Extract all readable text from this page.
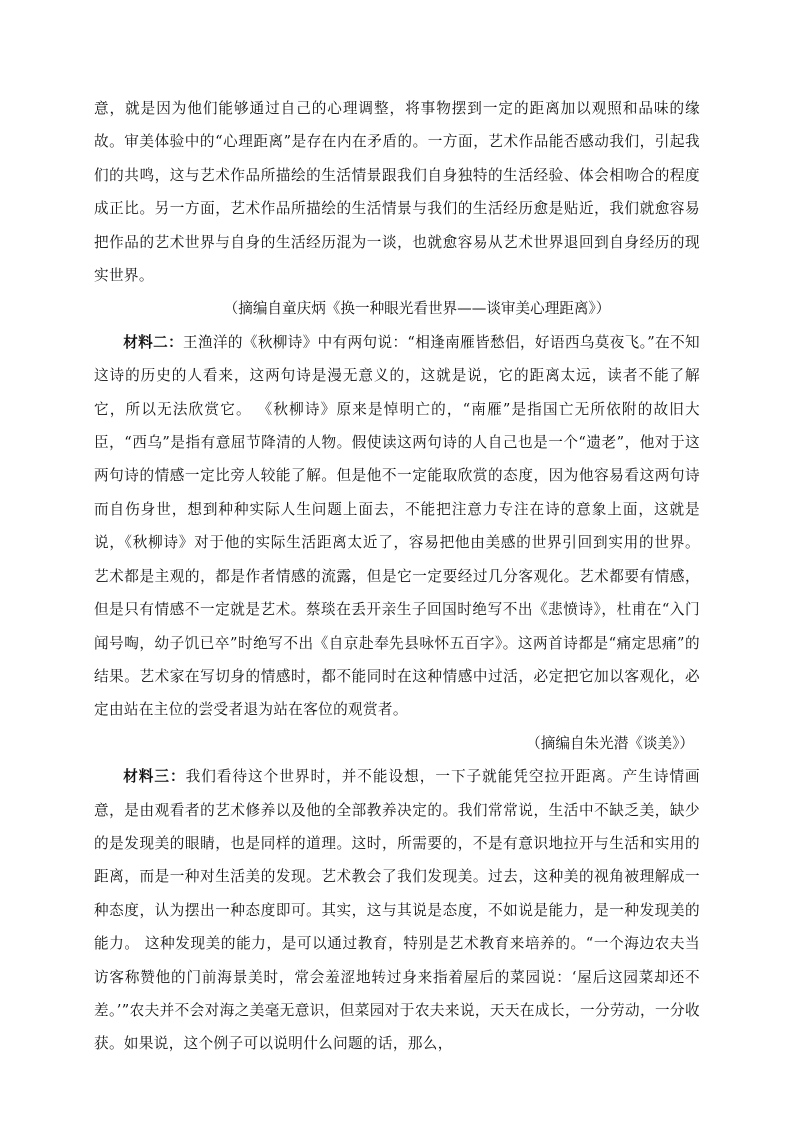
意，就是因为他们能够通过自己的心理调整，将事物摆到一定的距离加以观照和品味的缘故。审美体验中的“心理距离”是存在内在矛盾的。一方面，艺术作品能否感动我们，引起我们的共鸣，这与艺术作品所描绘的生活情景跟我们自身独特的生活经验、体会相吻合的程度成正比。另一方面，艺术作品所描绘的生活情景与我们的生活经历愈是贴近，我们就愈容易把作品的艺术世界与自身的生活经历混为一谈，也就愈容易从艺术世界退回到自身经历的现实世界。

（摘编自童庆炳《换一种眼光看世界——谈审美心理距离》）

材料二：王渔洋的《秋柳诗》中有两句说：“相逢南雁皆愁侣，好语西乌莫夜飞。”在不知这诗的历史的人看来，这两句诗是漫无意义的，这就是说，它的距离太远，读者不能了解它，所以无法欣赏它。 《秋柳诗》原来是悼明亡的，“南雁”是指国亡无所依附的故旧大臣，“西乌”是指有意屈节降清的人物。假使读这两句诗的人自己也是一个“遗老”，他对于这两句诗的情感一定比旁人较能了解。但是他不一定能取欣赏的态度，因为他容易看这两句诗而自伤身世，想到种种实际人生问题上面去，不能把注意力专注在诗的意象上面，这就是说，《秋柳诗》对于他的实际生活距离太近了，容易把他由美感的世界引回到实用的世界。 艺术都是主观的，都是作者情感的流露，但是它一定要经过几分客观化。艺术都要有情感，但是只有情感不一定就是艺术。蔡琰在丢开亲生子回国时绝写不出《悲愤诗》，杜甫在“入门闻号啕，幼子饥已卒”时绝写不出《自京赴奉先县咏怀五百字》。这两首诗都是“痛定思痛”的结果。艺术家在写切身的情感时，都不能同时在这种情感中过活，必定把它加以客观化，必定由站在主位的尝受者退为站在客位的观赏者。

（摘编自朱光潜《谈美》）

材料三：我们看待这个世界时，并不能设想，一下子就能凭空拉开距离。产生诗情画意，是由观看者的艺术修养以及他的全部教养决定的。我们常常说，生活中不缺乏美，缺少的是发现美的眼睛，也是同样的道理。这时，所需要的，不是有意识地拉开与生活和实用的距离，而是一种对生活美的发现。艺术教会了我们发现美。过去，这种美的视角被理解成一种态度，认为摆出一种态度即可。其实，这与其说是态度，不如说是能力，是一种发现美的能力。 这种发现美的能力，是可以通过教育，特别是艺术教育来培养的。“一个海边农夫当访客称赞他的门前海景美时，常会羞涩地转过身来指着屋后的菜园说：‘屋后这园菜却还不差。’”农夫并不会对海之美毫无意识，但菜园对于农夫来说，天天在成长，一分劳动，一分收获。如果说，这个例子可以说明什么问题的话，那么，
